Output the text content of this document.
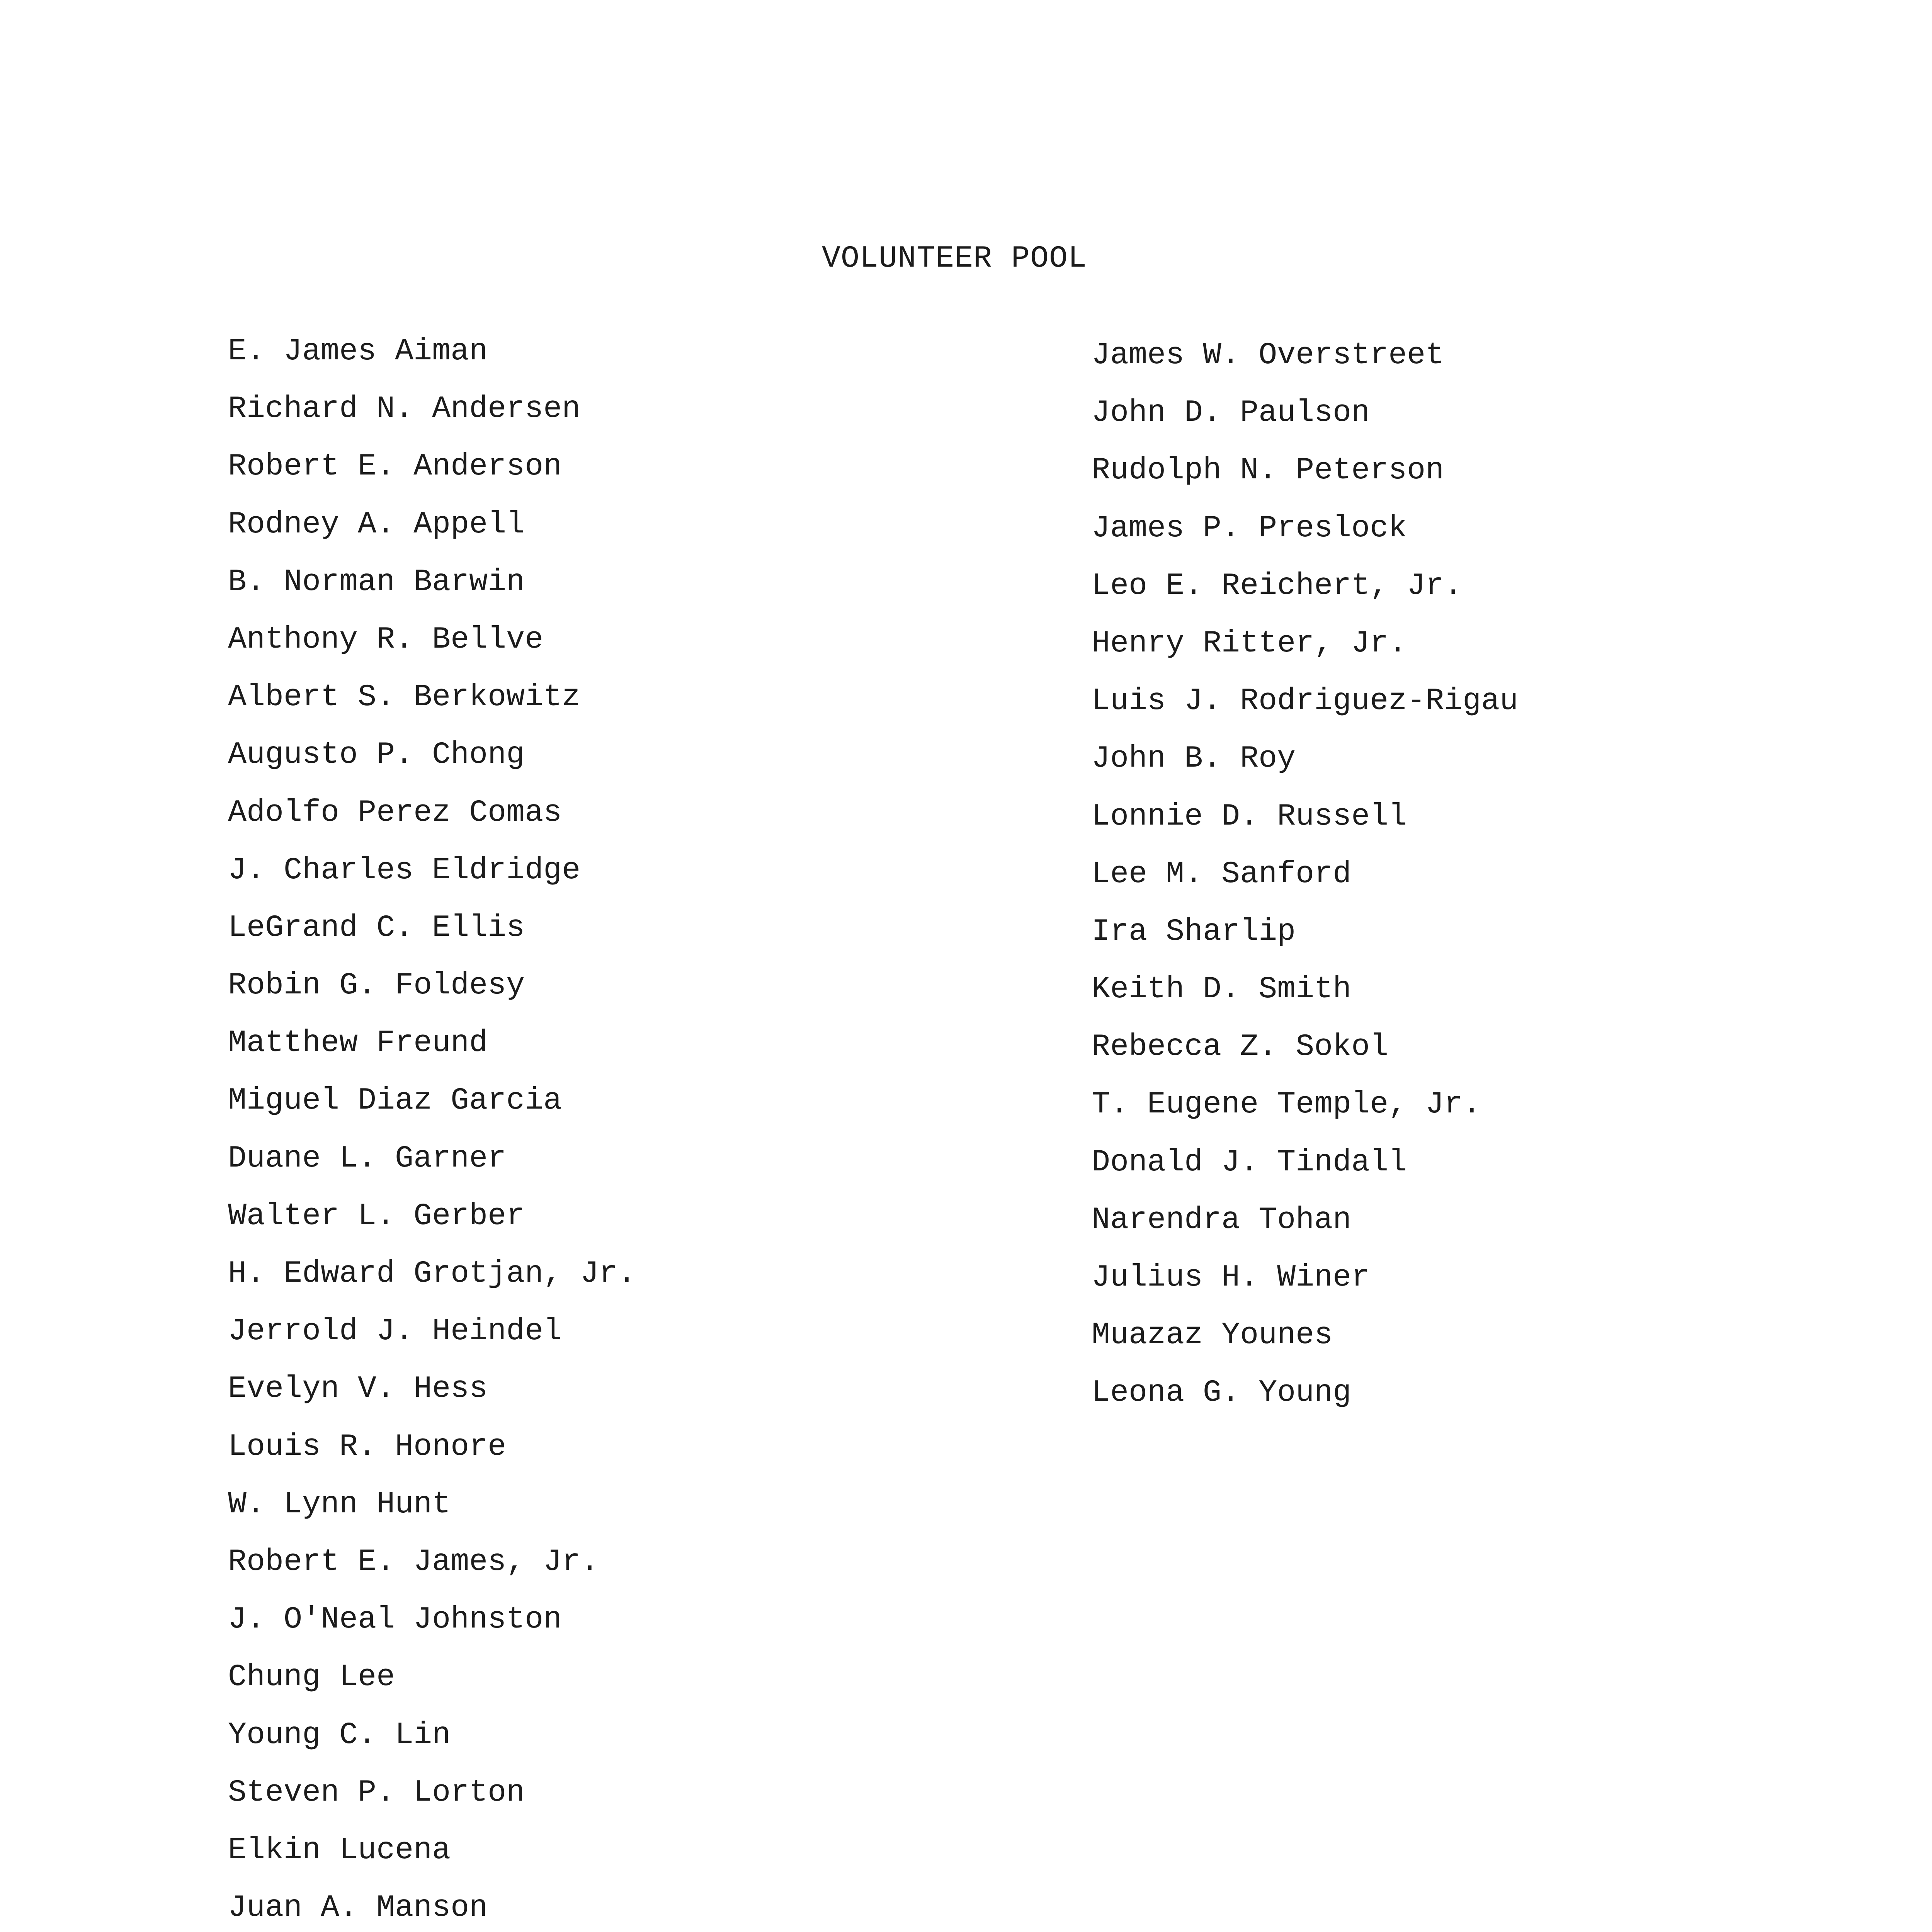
VOLUNTEER POOL
E. James Aiman
Richard N. Andersen
Robert E. Anderson
Rodney A. Appell
B. Norman Barwin
Anthony R. Bellve
Albert S. Berkowitz
Augusto P. Chong
Adolfo Perez Comas
J. Charles Eldridge
LeGrand C. Ellis
Robin G. Foldesy
Matthew Freund
Miguel Diaz Garcia
Duane L. Garner
Walter L. Gerber
H. Edward Grotjan, Jr.
Jerrold J. Heindel
Evelyn V. Hess
Louis R. Honore
W. Lynn Hunt
Robert E. James, Jr.
J. O'Neal Johnston
Chung Lee
Young C. Lin
Steven P. Lorton
Elkin Lucena
Juan A. Manson
James W. Overstreet
John D. Paulson
Rudolph N. Peterson
James P. Preslock
Leo E. Reichert, Jr.
Henry Ritter, Jr.
Luis J. Rodriguez-Rigau
John B. Roy
Lonnie D. Russell
Lee M. Sanford
Ira Sharlip
Keith D. Smith
Rebecca Z. Sokol
T. Eugene Temple, Jr.
Donald J. Tindall
Narendra Tohan
Julius H. Winer
Muazaz Younes
Leona G. Young
